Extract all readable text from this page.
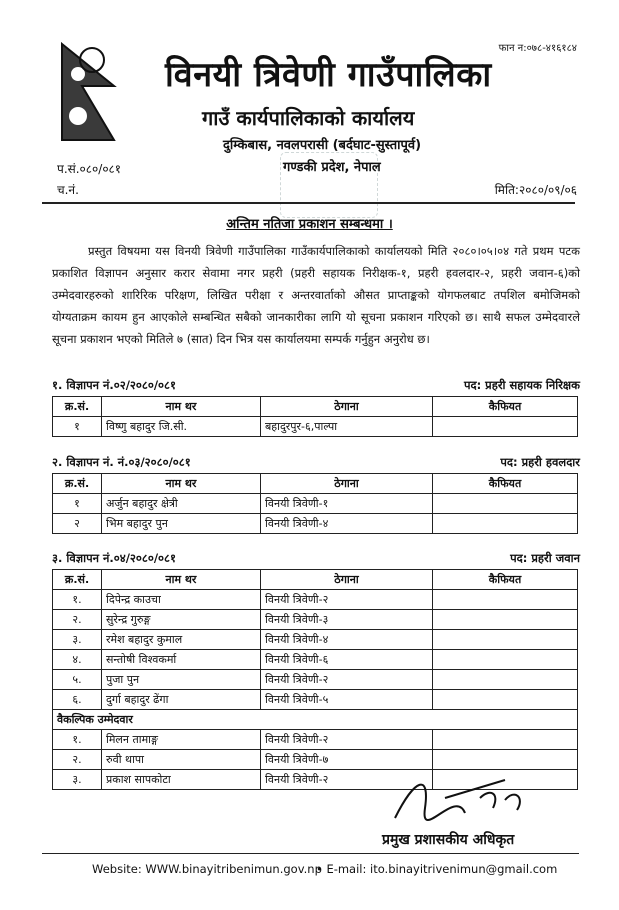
फान न:०७८-४१६१८४
विनयी त्रिवेणी गाउँपालिका
गाउँ कार्यपालिकाको कार्यालय
दुम्किबास, नवलपरासी (बर्दघाट-सुस्तापूर्व)
गण्डकी प्रदेश, नेपाल
प.सं.०८०/०८१
च.नं.	मिति:२०८०/०९/०६
अन्तिम नतिजा प्रकाशन सम्बन्धमा ।
प्रस्तुत विषयमा यस विनयी त्रिवेणी गाउँपालिका गाउँकार्यपालिकाको कार्यालयको मिति २०८०।०५।०४ गते प्रथम पटक प्रकाशित विज्ञापन अनुसार करार सेवामा नगर प्रहरी (प्रहरी सहायक निरीक्षक-१, प्रहरी हवलदार-२, प्रहरी जवान-६)को उम्मेदवारहरुको शारिरिक परिक्षण, लिखित परीक्षा र अन्तरवार्ताको औसत प्राप्ताङ्कको योगफलबाट तपशिल बमोजिमको योग्यताक्रम कायम हुन आएकोले सम्बन्धित सबैको जानकारीका लागि यो सूचना प्रकाशन गरिएको छ। साथै सफल उम्मेदवारले सूचना प्रकाशन भएको मितिले ७ (सात) दिन भित्र यस कार्यालयमा सम्पर्क गर्नुहुन अनुरोध छ।
१. विज्ञापन नं.०२/२०८०/०८१	पद: प्रहरी सहायक निरिक्षक
क्र.सं.	नाम थर	ठेगाना	कैफियत
१	विष्णु बहादुर जि.सी.	बहादुरपुर-६,पाल्पा	
२. विज्ञापन नं. नं.०३/२०८०/०८१	पद: प्रहरी हवलदार
क्र.सं.	नाम थर	ठेगाना	कैफियत
१	अर्जुन बहादुर क्षेत्री	विनयी त्रिवेणी-१	
२	भिम बहादुर पुन	विनयी त्रिवेणी-४	
३. विज्ञापन नं.०४/२०८०/०८१	पद: प्रहरी जवान
क्र.सं.	नाम थर	ठेगाना	कैफियत
१.	दिपेन्द्र काउचा	विनयी त्रिवेणी-२	
२.	सुरेन्द्र गुरुङ्ग	विनयी त्रिवेणी-३	
३.	रमेश बहादुर कुमाल	विनयी त्रिवेणी-४	
४.	सन्तोषी विश्वकर्मा	विनयी त्रिवेणी-६	
५.	पुजा पुन	विनयी त्रिवेणी-२	
६.	दुर्गा बहादुर ढेंगा	विनयी त्रिवेणी-५	
वैकल्पिक उम्मेदवार			
१.	मिलन तामाङ्ग	विनयी त्रिवेणी-२	
२.	रुवी थापा	विनयी त्रिवेणी-७	
३.	प्रकाश सापकोटा	विनयी त्रिवेणी-२	
प्रमुख प्रशासकीय अधिकृत
Website: WWW.binayitribenimun.gov.np
• E-mail: ito.binayitrivenimun@gmail.com
